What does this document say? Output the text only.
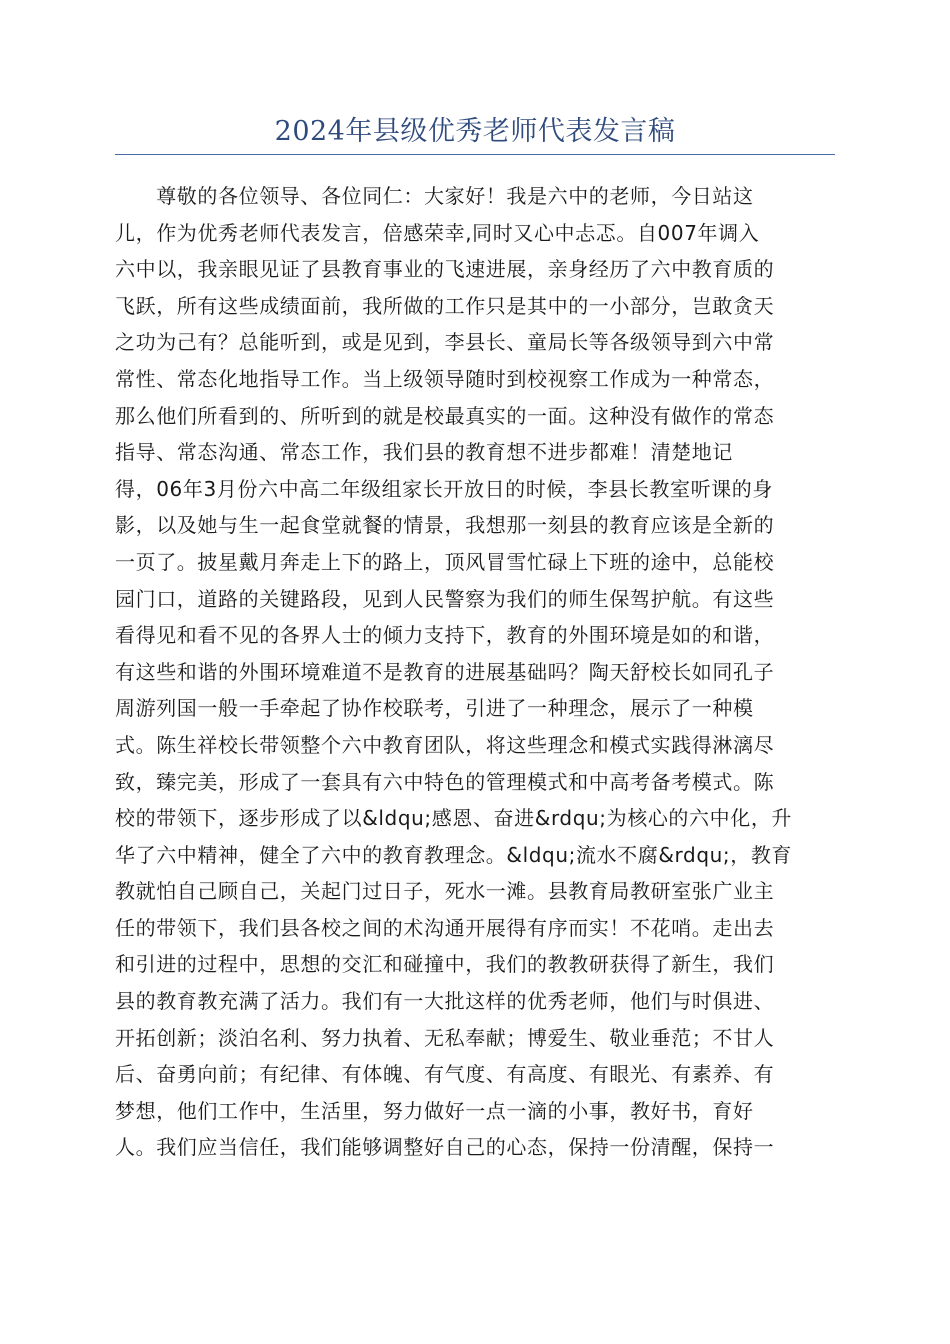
2024年县级优秀老师代表发言稿
　　尊敬的各位领导、各位同仁：大家好！我是六中的老师，今日站这
儿，作为优秀老师代表发言，倍感荣幸,同时又心中忐忑。自007年调入
六中以，我亲眼见证了县教育事业的飞速进展，亲身经历了六中教育质的
飞跃，所有这些成绩面前，我所做的工作只是其中的一小部分，岂敢贪天
之功为己有？总能听到，或是见到，李县长、童局长等各级领导到六中常
常性、常态化地指导工作。当上级领导随时到校视察工作成为一种常态，
那么他们所看到的、所听到的就是校最真实的一面。这种没有做作的常态
指导、常态沟通、常态工作，我们县的教育想不进步都难！清楚地记
得，06年3月份六中高二年级组家长开放日的时候，李县长教室听课的身
影，以及她与生一起食堂就餐的情景，我想那一刻县的教育应该是全新的
一页了。披星戴月奔走上下的路上，顶风冒雪忙碌上下班的途中，总能校
园门口，道路的关键路段，见到人民警察为我们的师生保驾护航。有这些
看得见和看不见的各界人士的倾力支持下，教育的外围环境是如的和谐，
有这些和谐的外围环境难道不是教育的进展基础吗？陶天舒校长如同孔子
周游列国一般一手牵起了协作校联考，引进了一种理念，展示了一种模
式。陈生祥校长带领整个六中教育团队，将这些理念和模式实践得淋漓尽
致，臻完美，形成了一套具有六中特色的管理模式和中高考备考模式。陈
校的带领下，逐步形成了以&ldqu;感恩、奋进&rdqu;为核心的六中化，升
华了六中精神，健全了六中的教育教理念。&ldqu;流水不腐&rdqu;，教育
教就怕自己顾自己，关起门过日子，死水一滩。县教育局教研室张广业主
任的带领下，我们县各校之间的术沟通开展得有序而实！不花哨。走出去
和引进的过程中，思想的交汇和碰撞中，我们的教教研获得了新生，我们
县的教育教充满了活力。我们有一大批这样的优秀老师，他们与时俱进、
开拓创新；淡泊名利、努力执着、无私奉献；博爱生、敬业垂范；不甘人
后、奋勇向前；有纪律、有体魄、有气度、有高度、有眼光、有素养、有
梦想，他们工作中，生活里，努力做好一点一滴的小事，教好书，育好
人。我们应当信任，我们能够调整好自己的心态，保持一份清醒，保持一
